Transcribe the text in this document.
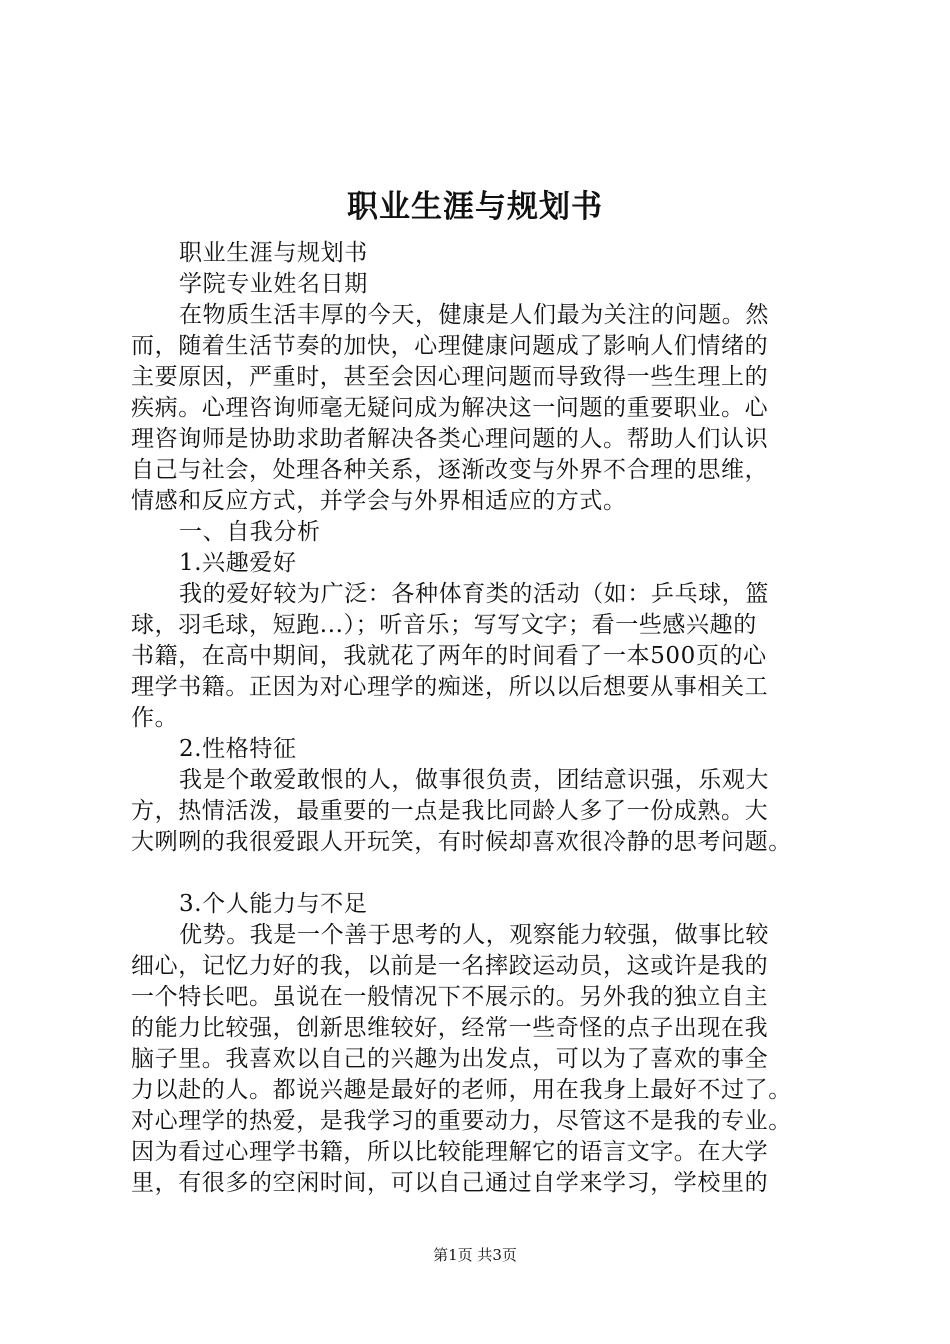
职业生涯与规划书
职业生涯与规划书
学院专业姓名日期
在物质生活丰厚的今天，健康是人们最为关注的问题。然
而，随着生活节奏的加快，心理健康问题成了影响人们情绪的
主要原因，严重时，甚至会因心理问题而导致得一些生理上的
疾病。心理咨询师毫无疑问成为解决这一问题的重要职业。心
理咨询师是协助求助者解决各类心理问题的人。帮助人们认识
自己与社会，处理各种关系，逐渐改变与外界不合理的思维，
情感和反应方式，并学会与外界相适应的方式。
一、自我分析
1.兴趣爱好
我的爱好较为广泛：各种体育类的活动（如：乒乓球，篮
球，羽毛球，短跑...）；听音乐；写写文字；看一些感兴趣的
书籍，在高中期间，我就花了两年的时间看了一本500页的心
理学书籍。正因为对心理学的痴迷，所以以后想要从事相关工
作。
2.性格特征
我是个敢爱敢恨的人，做事很负责，团结意识强，乐观大
方，热情活泼，最重要的一点是我比同龄人多了一份成熟。大
大咧咧的我很爱跟人开玩笑，有时候却喜欢很冷静的思考问题。
3.个人能力与不足
优势。我是一个善于思考的人，观察能力较强，做事比较
细心，记忆力好的我，以前是一名摔跤运动员，这或许是我的
一个特长吧。虽说在一般情况下不展示的。另外我的独立自主
的能力比较强，创新思维较好，经常一些奇怪的点子出现在我
脑子里。我喜欢以自己的兴趣为出发点，可以为了喜欢的事全
力以赴的人。都说兴趣是最好的老师，用在我身上最好不过了。
对心理学的热爱，是我学习的重要动力，尽管这不是我的专业。
因为看过心理学书籍，所以比较能理解它的语言文字。在大学
里，有很多的空闲时间，可以自己通过自学来学习，学校里的
第1页 共3页
